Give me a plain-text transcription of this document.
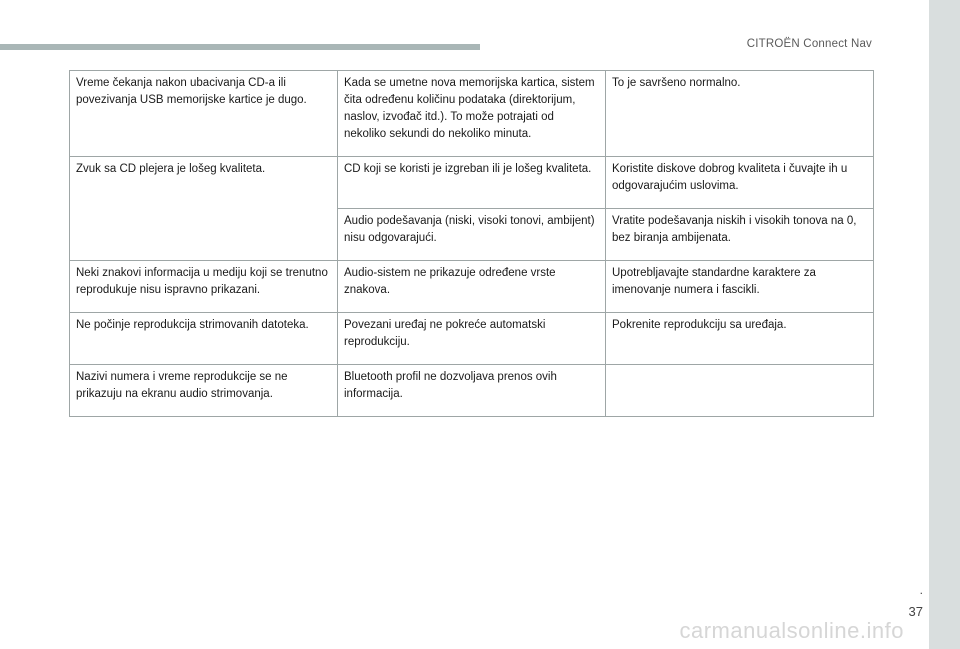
CITROËN Connect Nav
Vreme čekanja nakon ubacivanja CD-a ili povezivanja USB memorijske kartice je dugo.	Kada se umetne nova memorijska kartica, sistem čita određenu količinu podataka (direktorijum, naslov, izvođač itd.). To može potrajati od nekoliko sekundi do nekoliko minuta.	To je savršeno normalno.
Zvuk sa CD plejera je lošeg kvaliteta.	CD koji se koristi je izgreban ili je lošeg kvaliteta.	Koristite diskove dobrog kvaliteta i čuvajte ih u odgovarajućim uslovima.
	Audio podešavanja (niski, visoki tonovi, ambijent) nisu odgovarajući.	Vratite podešavanja niskih i visokih tonova na 0, bez biranja ambijenata.
Neki znakovi informacija u mediju koji se trenutno reprodukuje nisu ispravno prikazani.	Audio-sistem ne prikazuje određene vrste znakova.	Upotrebljavajte standardne karaktere za imenovanje numera i fascikli.
Ne počinje reprodukcija strimovanih datoteka.	Povezani uređaj ne pokreće automatski reprodukciju.	Pokrenite reprodukciju sa uređaja.
Nazivi numera i vreme reprodukcije se ne prikazuju na ekranu audio strimovanja.	Bluetooth profil ne dozvoljava prenos ovih informacija.	
.
37
carmanualsonline.info
